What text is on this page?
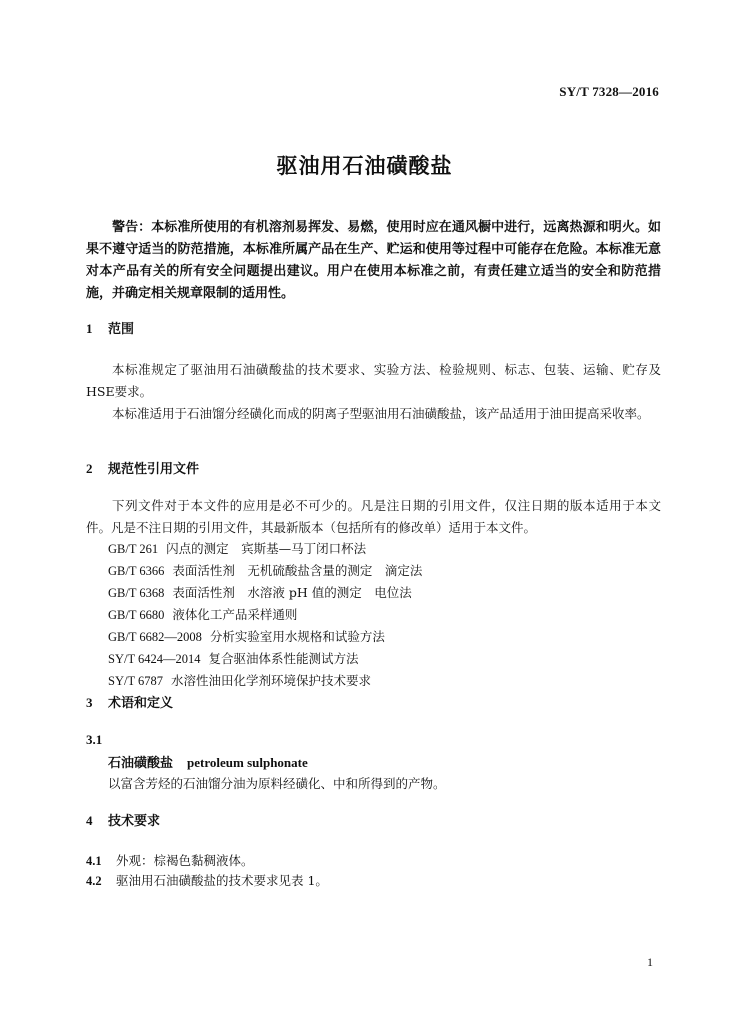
SY/T 7328—2016
驱油用石油磺酸盐
警告：本标准所使用的有机溶剂易挥发、易燃，使用时应在通风橱中进行，远离热源和明火。如果不遵守适当的防范措施，本标准所属产品在生产、贮运和使用等过程中可能存在危险。本标准无意对本产品有关的所有安全问题提出建议。用户在使用本标准之前，有责任建立适当的安全和防范措施，并确定相关规章限制的适用性。
1 范围
本标准规定了驱油用石油磺酸盐的技术要求、实验方法、检验规则、标志、包装、运输、贮存及HSE要求。
本标准适用于石油馏分经磺化而成的阴离子型驱油用石油磺酸盐，该产品适用于油田提高采收率。
2 规范性引用文件
下列文件对于本文件的应用是必不可少的。凡是注日期的引用文件，仅注日期的版本适用于本文件。凡是不注日期的引用文件，其最新版本（包括所有的修改单）适用于本文件。
GB/T 261 闪点的测定　宾斯基—马丁闭口杯法
GB/T 6366 表面活性剂　无机硫酸盐含量的测定　滴定法
GB/T 6368 表面活性剂　水溶液 pH 值的测定　电位法
GB/T 6680 液体化工产品采样通则
GB/T 6682—2008 分析实验室用水规格和试验方法
SY/T 6424—2014 复合驱油体系性能测试方法
SY/T 6787 水溶性油田化学剂环境保护技术要求
3 术语和定义
3.1
石油磺酸盐 petroleum sulphonate
以富含芳烃的石油馏分油为原料经磺化、中和所得到的产物。
4 技术要求
4.1 外观：棕褐色黏稠液体。
4.2 驱油用石油磺酸盐的技术要求见表 1。
1
